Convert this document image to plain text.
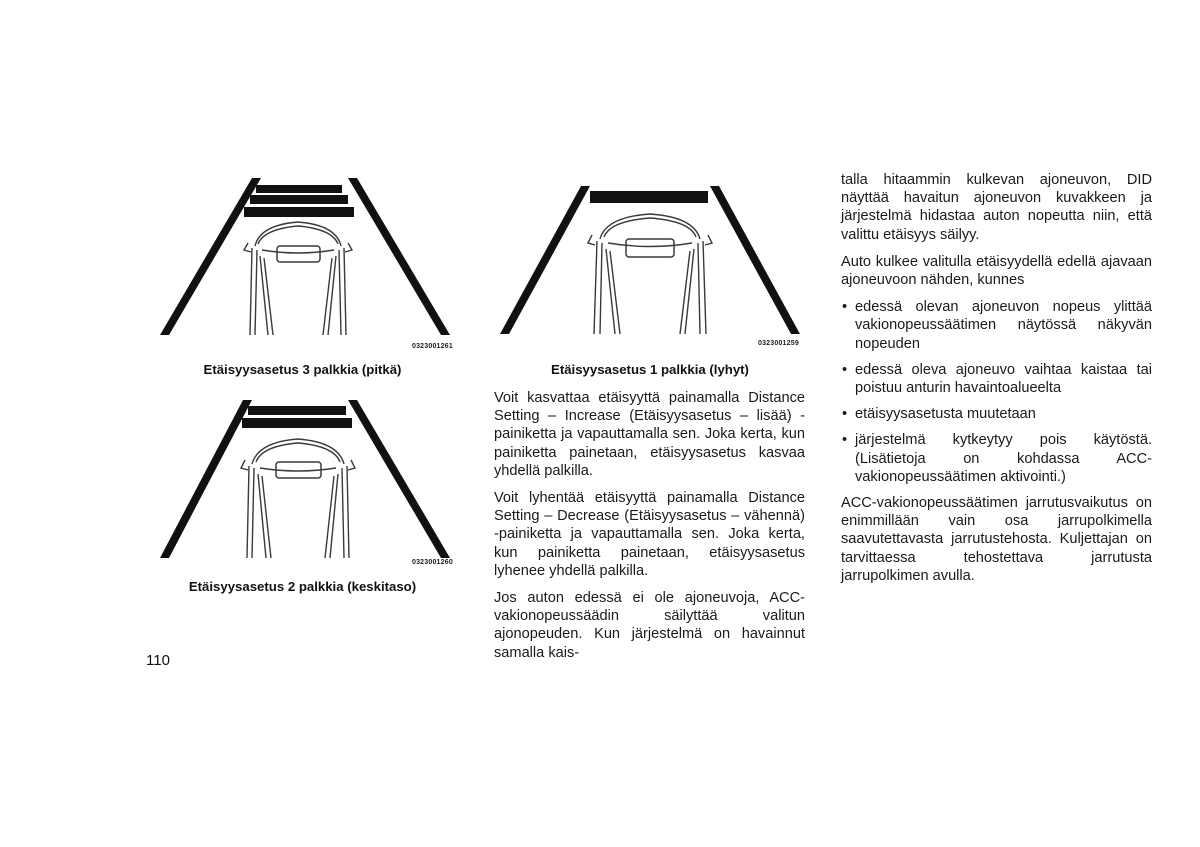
0323001261
Etäisyysasetus 3 palkkia (pitkä)
0323001259
Etäisyysasetus 1 palkkia (lyhyt)
0323001260
Etäisyysasetus 2 palkkia (keskitaso)

Voit kasvattaa etäisyyttä painamalla Distance Setting – Increase (Etäisyysasetus – lisää) -painiketta ja vapauttamalla sen. Joka kerta, kun painiketta painetaan, etäisyysasetus kasvaa yhdellä palkilla.

Voit lyhentää etäisyyttä painamalla Distance Setting – Decrease (Etäisyysasetus – vähennä) -painiketta ja vapauttamalla sen. Joka kerta, kun painiketta painetaan, etäisyysasetus lyhenee yhdellä palkilla.

Jos auton edessä ei ole ajoneuvoja, ACC-vakionopeussäädin säilyttää valitun ajonopeuden. Kun järjestelmä on havainnut samalla kais-

talla hitaammin kulkevan ajoneuvon, DID näyttää havaitun ajoneuvon kuvakkeen ja järjestelmä hidastaa auton nopeutta niin, että valittu etäisyys säilyy.

Auto kulkee valitulla etäisyydellä edellä ajavaan ajoneuvoon nähden, kunnes

• edessä olevan ajoneuvon nopeus ylittää vakionopeussäätimen näytössä näkyvän nopeuden
• edessä oleva ajoneuvo vaihtaa kaistaa tai poistuu anturin havaintoalueelta
• etäisyysasetusta muutetaan
• järjestelmä kytkeytyy pois käytöstä. (Lisätietoja on kohdassa ACC-vakionopeussäätimen aktivointi.)

ACC-vakionopeussäätimen jarrutusvaikutus on enimmillään vain osa jarrupolkimella saavutettavasta jarrutustehosta. Kuljettajan on tarvittaessa tehostettava jarrutusta jarrupolkimen avulla.

110
